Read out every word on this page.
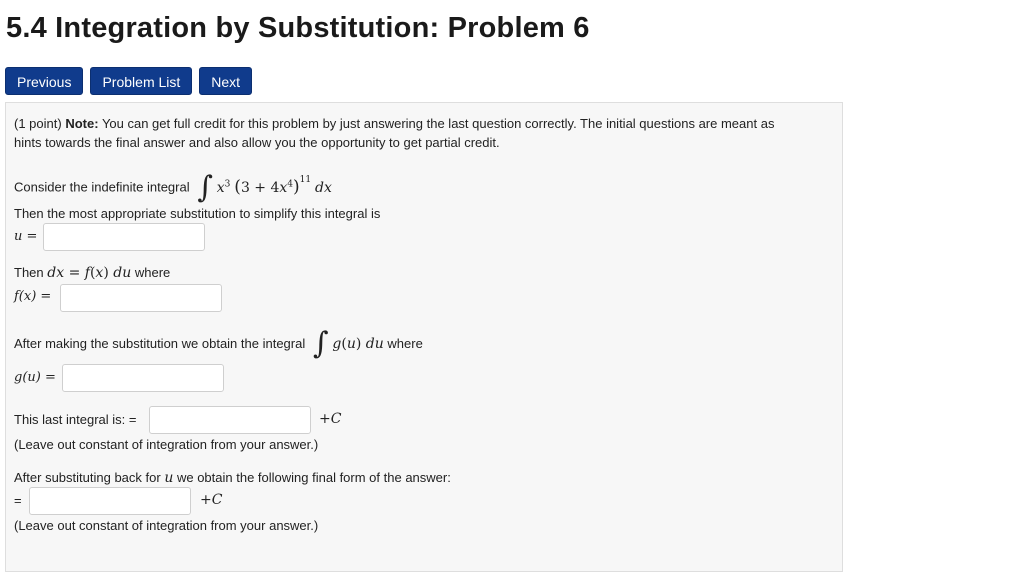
5.4 Integration by Substitution: Problem 6
Previous	Problem List	Next
(1 point) Note: You can get full credit for this problem by just answering the last question correctly. The initial questions are meant as
hints towards the final answer and also allow you the opportunity to get partial credit.
Consider the indefinite integral ∫ $x^3$ $(3 + 4x^4)^{11}$ dx
Then the most appropriate substitution to simplify this integral is
u =
Then dx = f(x) du where
f(x) =
After making the substitution we obtain the integral ∫ g(u) du where
g(u) =
This last integral is: =	+C
(Leave out constant of integration from your answer.)
After substituting back for u we obtain the following final form of the answer:
=	+C
(Leave out constant of integration from your answer.)
